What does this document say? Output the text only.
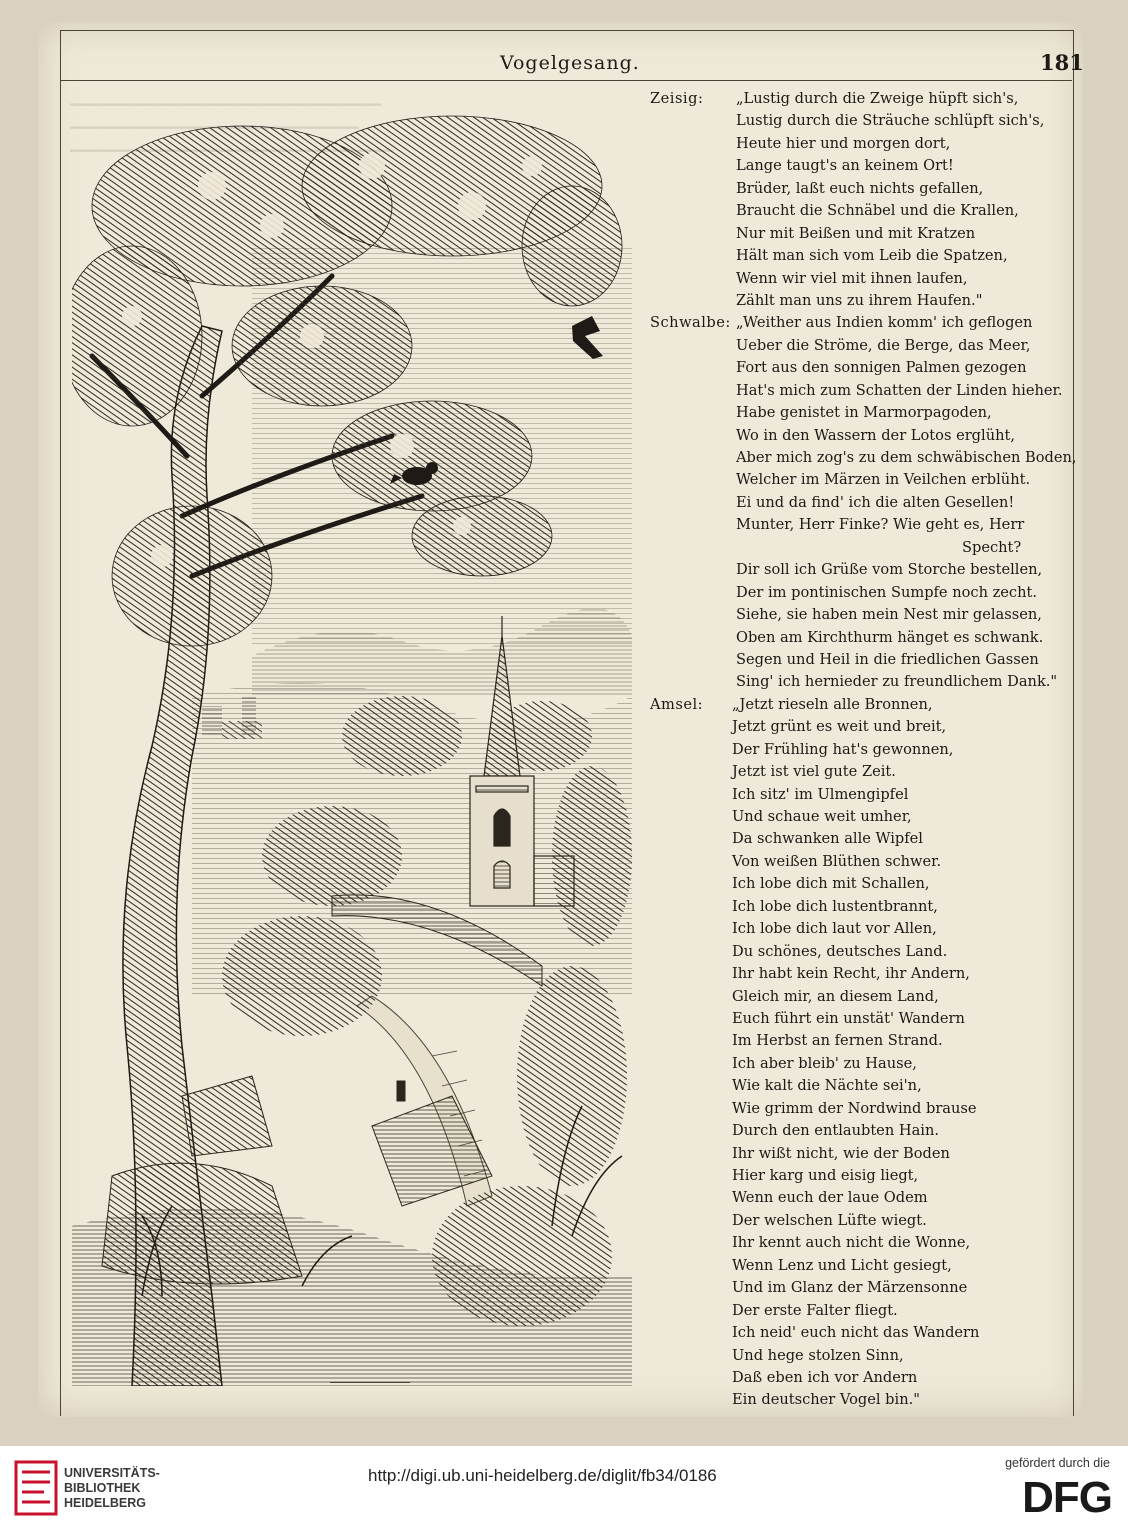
Vogelgesang.	181
Zeisig: „Lustig durch die Zweige hüpft sich's,
Lustig durch die Sträuche schlüpft sich's,
Heute hier und morgen dort,
Lange taugt's an keinem Ort!
Brüder, laßt euch nichts gefallen,
Braucht die Schnäbel und die Krallen,
Nur mit Beißen und mit Kratzen
Hält man sich vom Leib die Spatzen,
Wenn wir viel mit ihnen laufen,
Zählt man uns zu ihrem Haufen."
Schwalbe: „Weither aus Indien komm' ich geflogen
Ueber die Ströme, die Berge, das Meer,
Fort aus den sonnigen Palmen gezogen
Hat's mich zum Schatten der Linden hieher.
Habe genistet in Marmorpagoden,
Wo in den Wassern der Lotos erglüht,
Aber mich zog's zu dem schwäbischen Boden,
Welcher im Märzen in Veilchen erblüht.
Ei und da find' ich die alten Gesellen!
Munter, Herr Finke? Wie geht es, Herr
Specht?
Dir soll ich Grüße vom Storche bestellen,
Der im pontinischen Sumpfe noch zecht.
Siehe, sie haben mein Nest mir gelassen,
Oben am Kirchthurm hänget es schwank.
Segen und Heil in die friedlichen Gassen
Sing' ich hernieder zu freundlichem Dank."
Amsel: „Jetzt rieseln alle Bronnen,
Jetzt grünt es weit und breit,
Der Frühling hat's gewonnen,
Jetzt ist viel gute Zeit.
Ich sitz' im Ulmengipfel
Und schaue weit umher,
Da schwanken alle Wipfel
Von weißen Blüthen schwer.
Ich lobe dich mit Schallen,
Ich lobe dich lustentbrannt,
Ich lobe dich laut vor Allen,
Du schönes, deutsches Land.
Ihr habt kein Recht, ihr Andern,
Gleich mir, an diesem Land,
Euch führt ein unstät' Wandern
Im Herbst an fernen Strand.
Ich aber bleib' zu Hause,
Wie kalt die Nächte sei'n,
Wie grimm der Nordwind brause
Durch den entlaubten Hain.
Ihr wißt nicht, wie der Boden
Hier karg und eisig liegt,
Wenn euch der laue Odem
Der welschen Lüfte wiegt.
Ihr kennt auch nicht die Wonne,
Wenn Lenz und Licht gesiegt,
Und im Glanz der Märzensonne
Der erste Falter fliegt.
Ich neid' euch nicht das Wandern
Und hege stolzen Sinn,
Daß eben ich vor Andern
Ein deutscher Vogel bin."
UNIVERSITÄTS-
BIBLIOTHEK
HEIDELBERG
http://digi.ub.uni-heidelberg.de/diglit/fb34/0186
gefördert durch die
DFG
